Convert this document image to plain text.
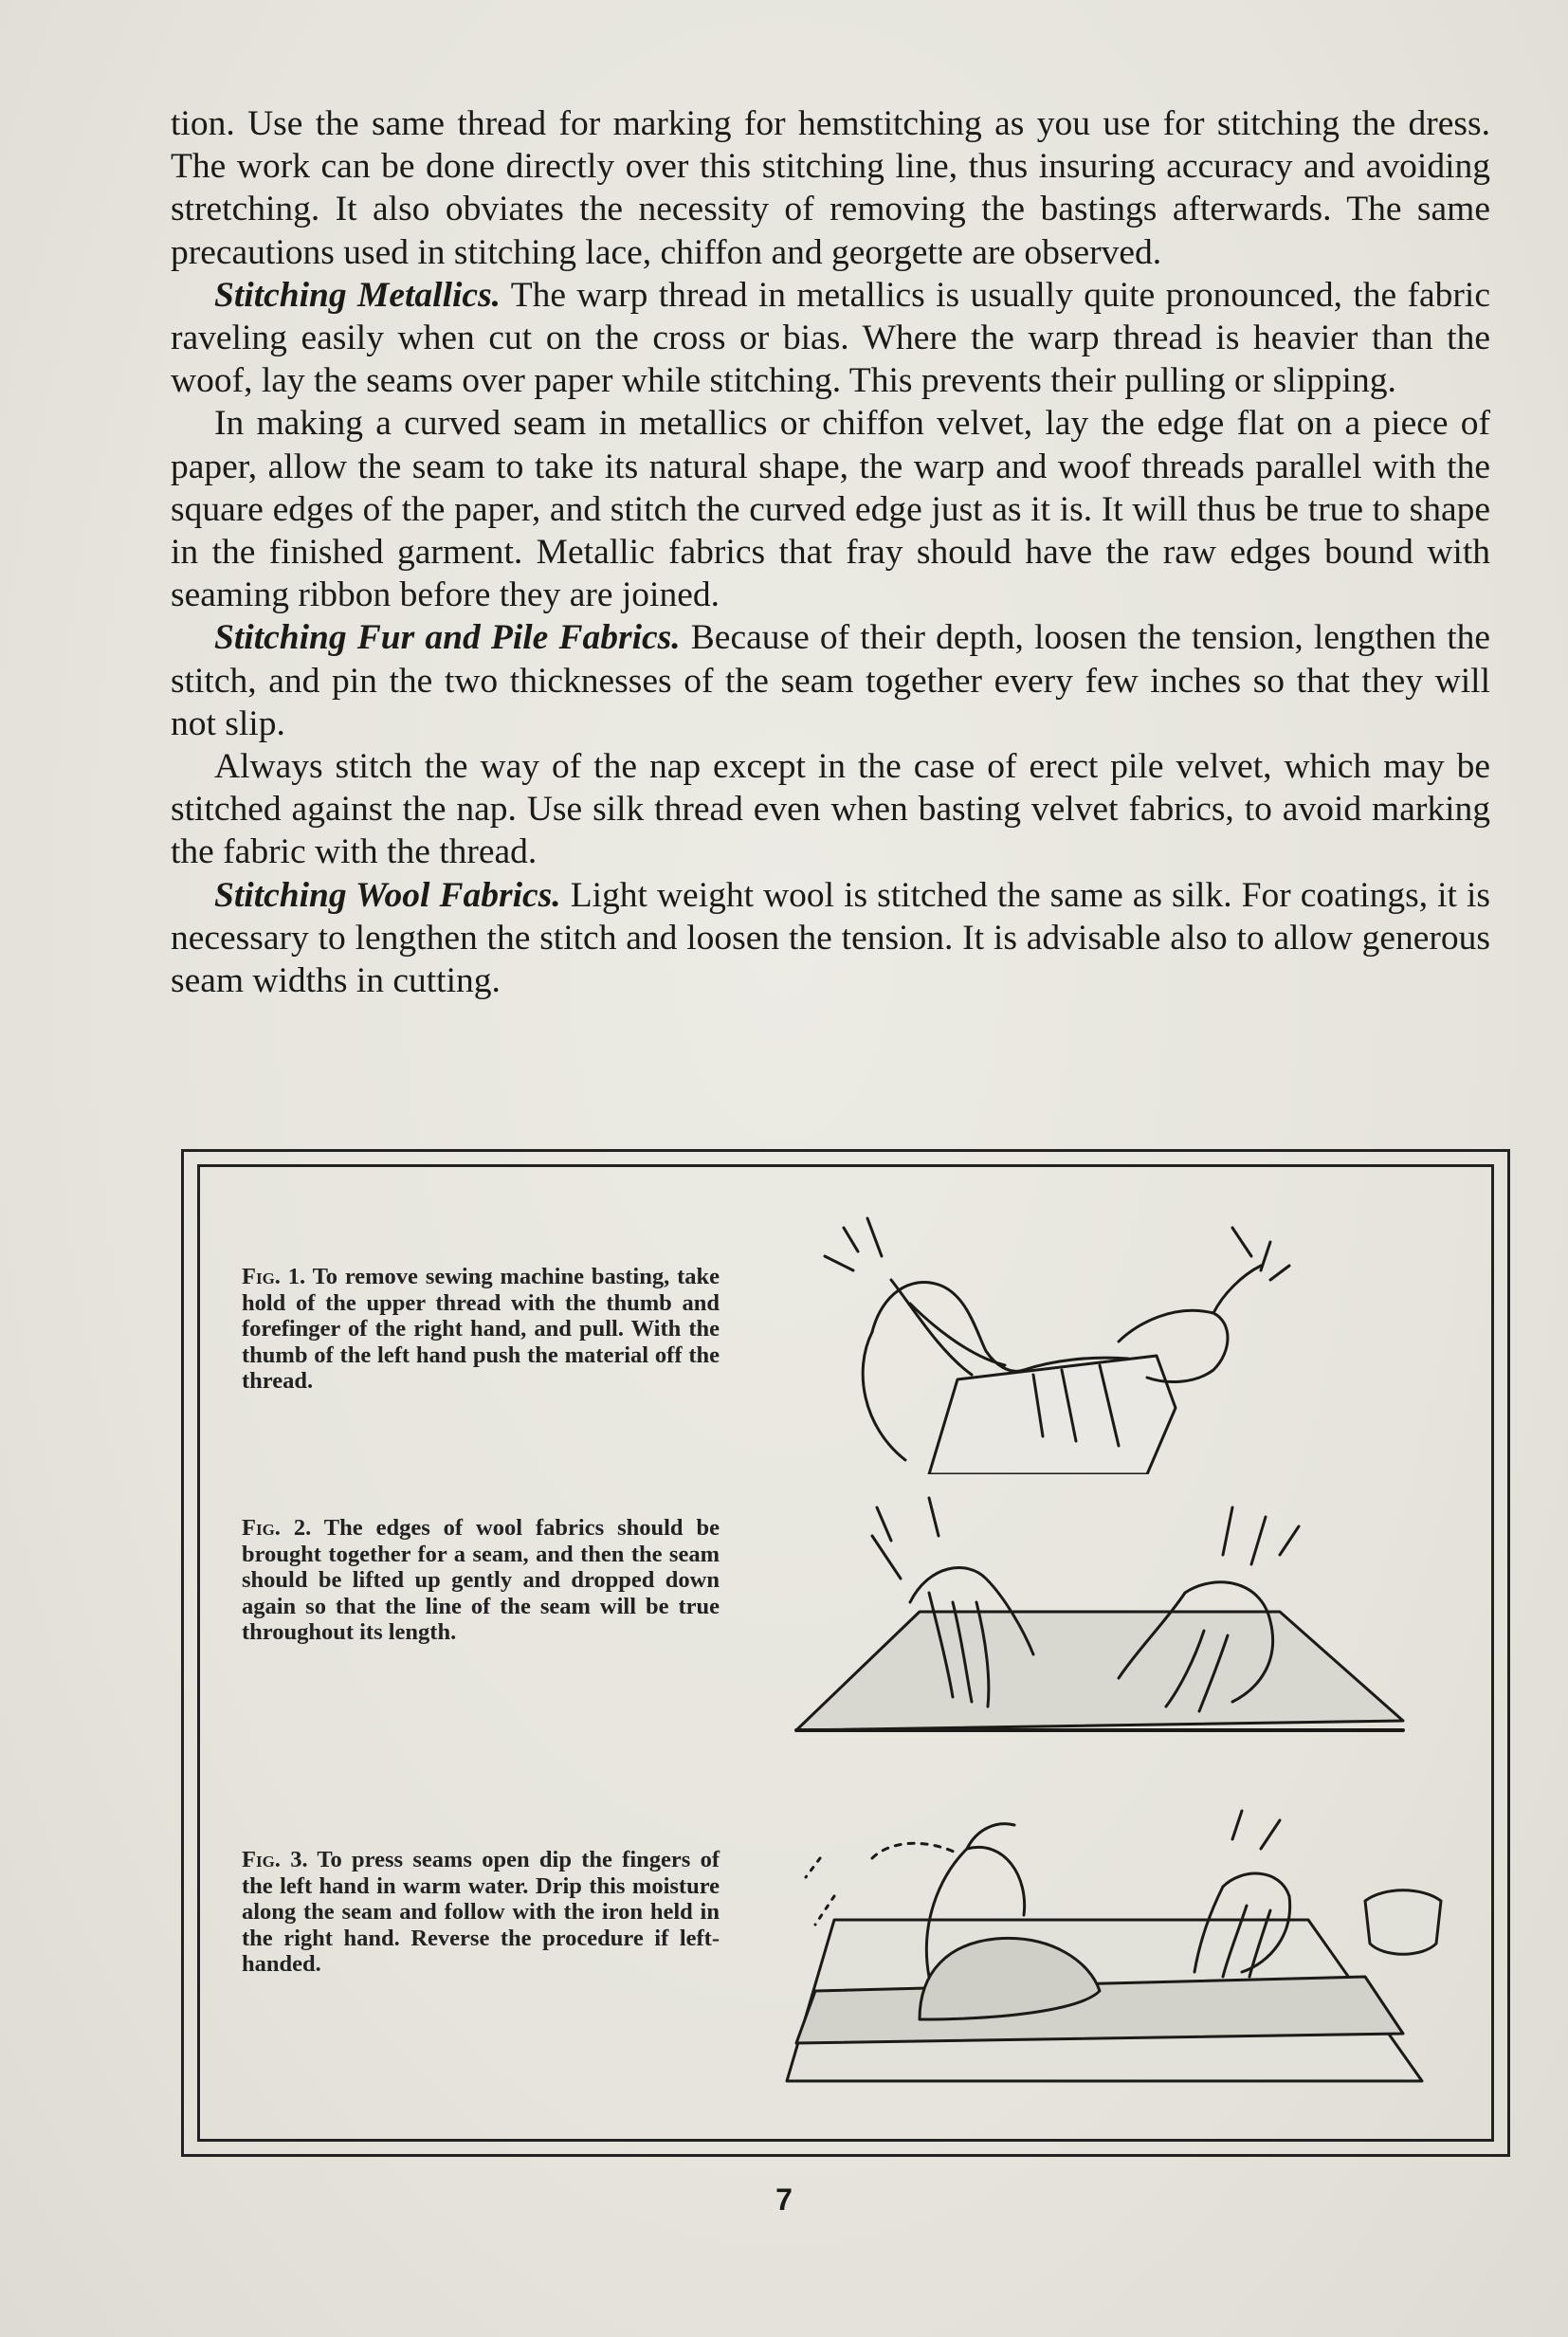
tion. Use the same thread for marking for hemstitching as you use for stitching the dress. The work can be done directly over this stitching line, thus insuring accuracy and avoiding stretching. It also obviates the necessity of removing the bastings afterwards. The same precautions used in stitching lace, chiffon and georgette are observed.

Stitching Metallics. The warp thread in metallics is usually quite pronounced, the fabric raveling easily when cut on the cross or bias. Where the warp thread is heavier than the woof, lay the seams over paper while stitching. This prevents their pulling or slipping.

In making a curved seam in metallics or chiffon velvet, lay the edge flat on a piece of paper, allow the seam to take its natural shape, the warp and woof threads parallel with the square edges of the paper, and stitch the curved edge just as it is. It will thus be true to shape in the finished garment. Metallic fabrics that fray should have the raw edges bound with seaming ribbon before they are joined.

Stitching Fur and Pile Fabrics. Because of their depth, loosen the tension, lengthen the stitch, and pin the two thicknesses of the seam together every few inches so that they will not slip.

Always stitch the way of the nap except in the case of erect pile velvet, which may be stitched against the nap. Use silk thread even when basting velvet fabrics, to avoid marking the fabric with the thread.

Stitching Wool Fabrics. Light weight wool is stitched the same as silk. For coatings, it is necessary to lengthen the stitch and loosen the tension. It is advisable also to allow generous seam widths in cutting.

Fig. 1. To remove sewing machine basting, take hold of the upper thread with the thumb and forefinger of the right hand, and pull. With the thumb of the left hand push the material off the thread.
Fig. 2. The edges of wool fabrics should be brought together for a seam, and then the seam should be lifted up gently and dropped down again so that the line of the seam will be true throughout its length.
Fig. 3. To press seams open dip the fingers of the left hand in warm water. Drip this moisture along the seam and follow with the iron held in the right hand. Reverse the procedure if left-handed.
7
